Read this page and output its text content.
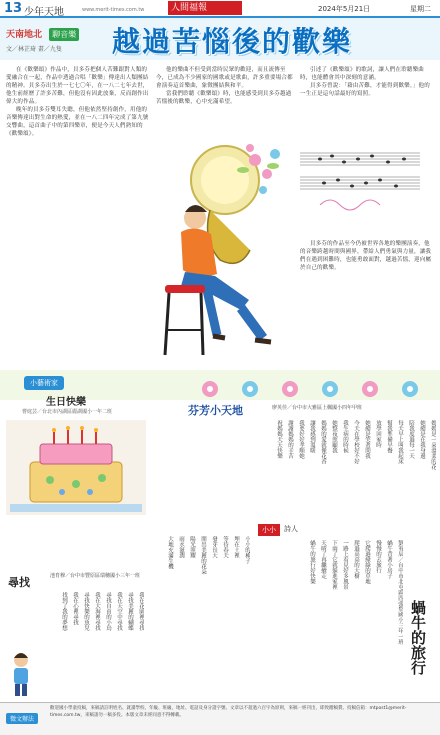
13 少年天地	www.merit-times.com.tw	人間福報	The
2024年5月21日	星期二
天南地北 聊音樂
文／林芷琦 畫／九隻	越過苦惱後的歡樂

在《歡樂頌》作品中，貝多芬把個人苦難跟對人類的愛融合在一起，作品中透過合唱「歡樂」傳達出人類團結的精神。貝多芬出生於一七七〇年，在一八二七年去世，他生前經歷了許多苦難，但他沒有因此放棄，反而創作出偉大的作品。

晚年的貝多芬雙耳失聰，但他依然堅持創作，用他的音樂傳達出對生命的熱愛，並在一八二四年完成了第九號交響曲，這首曲子中的第四樂章，便是今天人們熟知的《歡樂頌》。

他的樂曲不但受到當時民眾的歡迎，而且流傳至今，已成為不少國家的國歌或是歌曲，許多重要場合都會演奏這首樂曲，象徵團結與和平。

當我們聆聽《歡樂頌》時，也能感受到貝多芬越過苦惱後的歡樂，心中充滿希望。

引述了《歡樂頌》的歌詞，讓人們在聆聽樂曲時，也能體會其中深刻的意涵。

貝多芬曾說：「藉由苦難，才能得到歡樂。」他的一生正是這句話最好的寫照。

貝多芬的作品至今仍被世界各地的樂團演奏，他的音樂跨越時間與國界，帶給人們勇氣與力量，讓我們在遇到困難時，也能勇敢面對，越過苦惱，迎向屬於自己的歡樂。

小藝術家
生日快樂
曹庭芸／台北市內湖區麗湖國小一年二班	芬芳小天地	廖英佳／台中市大雅區上楓國小四年甲班
媽媽是一朵溫柔的花
她總是在我身邊
陪我度過每一天
每天早上叫我起床
幫我準備早餐
放學回家時
她總是笑著問我
今天在學校好不好
我生病的時候
她整夜照顧我
媽媽的愛就像花香
讓我感到溫暖
我要好好孝順她
謝謝媽媽的辛苦
祝媽媽天天快樂
小小的種子
埋在土裡
等待春天
發芽長大
開出美麗的花朵
陽光照耀
雨水滋潤
大地充滿生機
小小	詩人
劉宥辰／台中市北屯區四張犁國小三年一班
蝸牛背著小房子
慢慢的去旅行
它爬過綠綠的草地
爬過高高的大樹
一路上看見好多風景
下雨了它就躲進家裡
天晴了再繼續走
蝸牛的旅行好快樂
蝸牛的旅行
尋找	池育穆／台中市豐原區瑞穗國小三年一班
我在花園裡尋找
尋找美麗的蝴蝶
我在天空中尋找
尋找自由的小鳥
我在大海裡尋找
尋找快樂的魚兒
我在心裡尋找
找到了我的夢想
徵文辦法
歡迎國小學童投稿，來稿請註明姓名、就讀學校、年級、班級、地址、電話及身分證字號。文章以不超過六百字為原則，來稿一經刊出，即致贈稿費。投稿信箱：mtpost1@merit-times.com.tw，來稿請勿一稿多投。本版文章未經同意不得轉載。
